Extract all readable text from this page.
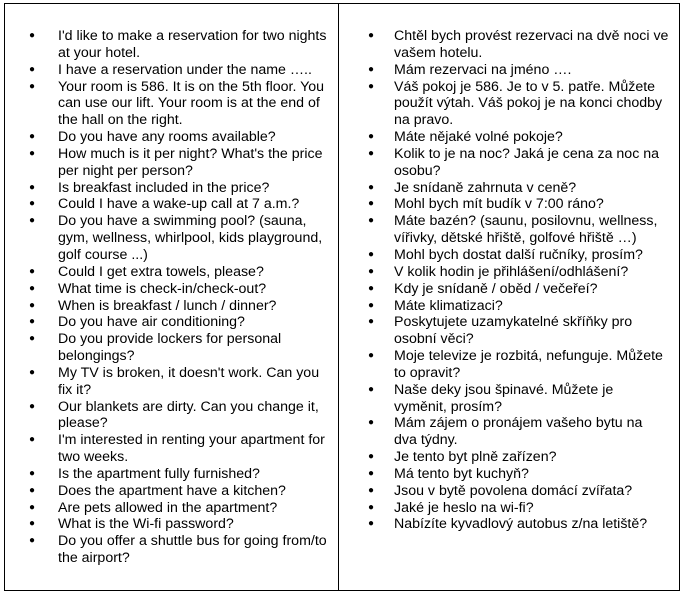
● I'd like to make a reservation for two nights at your hotel.
● I have a reservation under the name …..
● Your room is 586. It is on the 5th floor. You can use our lift. Your room is at the end of the hall on the right.
● Do you have any rooms available?
● How much is it per night? What's the price per night per person?
● Is breakfast included in the price?
● Could I have a wake-up call at 7 a.m.?
● Do you have a swimming pool? (sauna, gym, wellness, whirlpool, kids playground, golf course ...)
● Could I get extra towels, please?
● What time is check-in/check-out?
● When is breakfast / lunch / dinner?
● Do you have air conditioning?
● Do you provide lockers for personal belongings?
● My TV is broken, it doesn't work. Can you fix it?
● Our blankets are dirty. Can you change it, please?
● I'm interested in renting your apartment for two weeks.
● Is the apartment fully furnished?
● Does the apartment have a kitchen?
● Are pets allowed in the apartment?
● What is the Wi-fi password?
● Do you offer a shuttle bus for going from/to the airport?
● Chtěl bych provést rezervaci na dvě noci ve vašem hotelu.
● Mám rezervaci na jméno ….
● Váš pokoj je 586. Je to v 5. patře. Můžete použít výtah. Váš pokoj je na konci chodby na pravo.
● Máte nějaké volné pokoje?
● Kolik to je na noc? Jaká je cena za noc na osobu?
● Je snídaně zahrnuta v ceně?
● Mohl bych mít budík v 7:00 ráno?
● Máte bazén? (saunu, posilovnu, wellness, vířivky, dětské hřiště, golfové hřiště …)
● Mohl bych dostat další ručníky, prosím?
● V kolik hodin je přihlášení/odhlášení?
● Kdy je snídaně / oběd / večeřeí?
● Máte klimatizaci?
● Poskytujete uzamykatelné skříňky pro osobní věci?
● Moje televize je rozbitá, nefunguje. Můžete to opravit?
● Naše deky jsou špinavé. Můžete je vyměnit, prosím?
● Mám zájem o pronájem vašeho bytu na dva týdny.
● Je tento byt plně zařízen?
● Má tento byt kuchyň?
● Jsou v bytě povolena domácí zvířata?
● Jaké je heslo na wi-fi?
● Nabízíte kyvadlový autobus z/na letiště?
